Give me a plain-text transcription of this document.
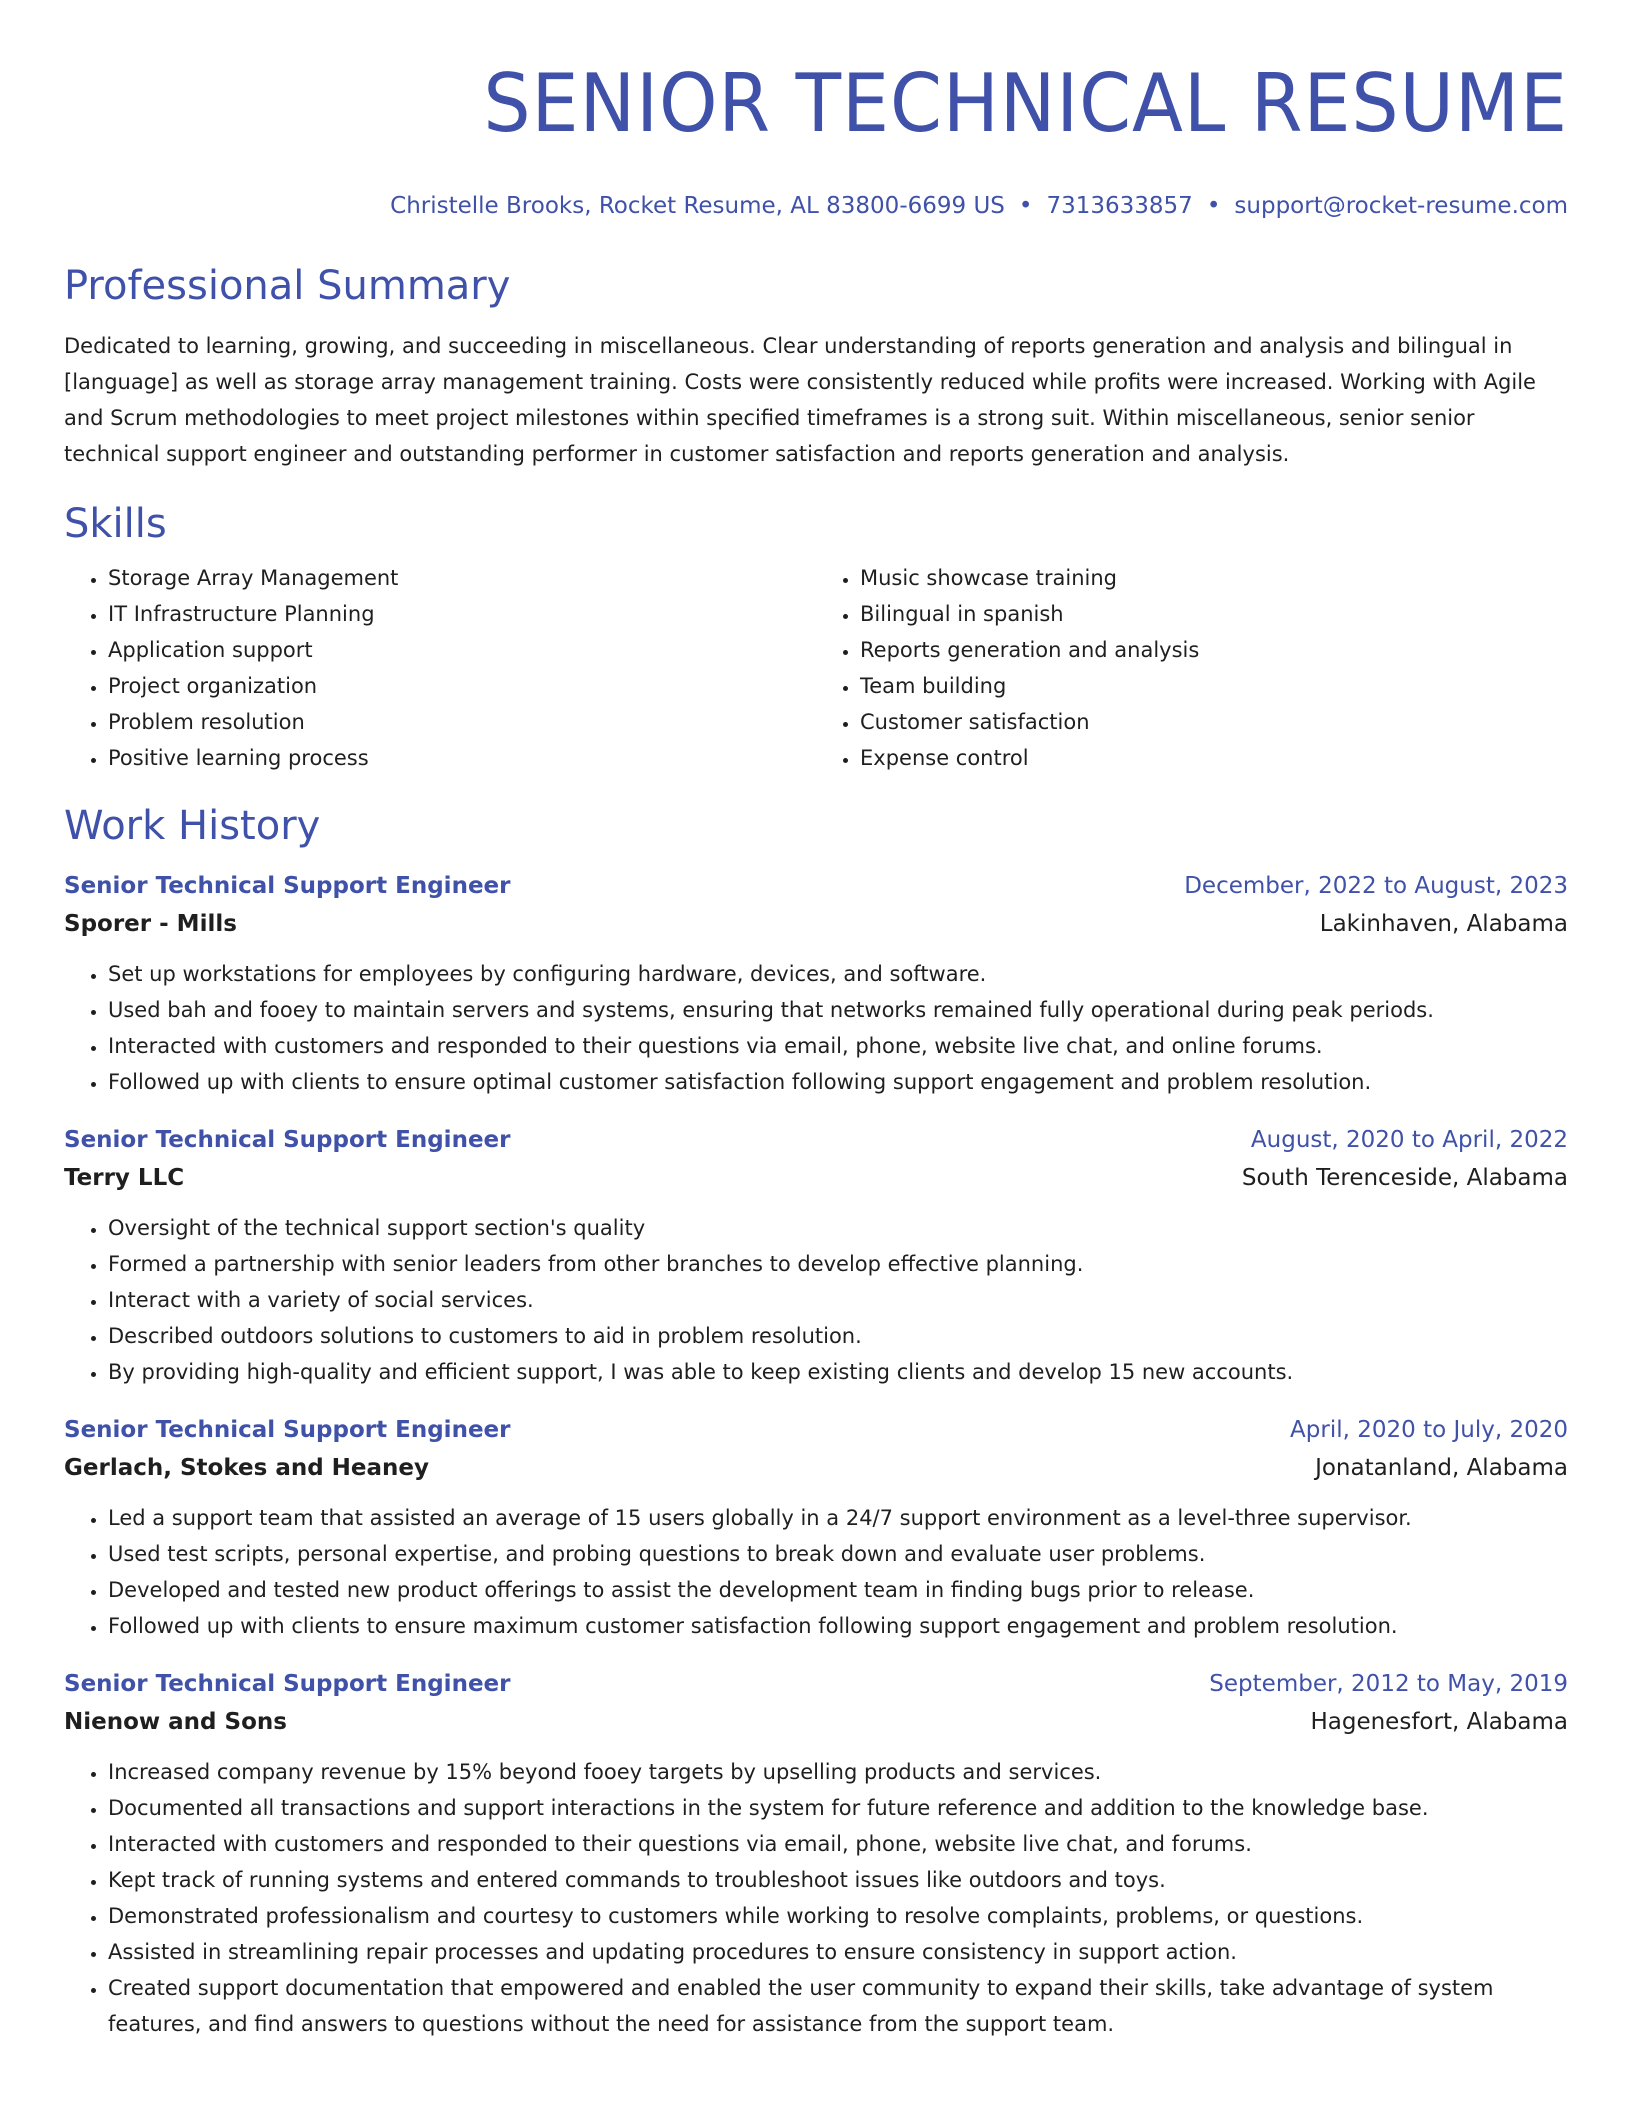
SENIOR TECHNICAL RESUME
Christelle Brooks, Rocket Resume, AL 83800-6699 US • 7313633857 • support@rocket-resume.com
Professional Summary

Dedicated to learning, growing, and succeeding in miscellaneous. Clear understanding of reports generation and analysis and bilingual in [language] as well as storage array management training. Costs were consistently reduced while profits were increased. Working with Agile and Scrum methodologies to meet project milestones within specified timeframes is a strong suit. Within miscellaneous, senior senior technical support engineer and outstanding performer in customer satisfaction and reports generation and analysis.

Skills
• Storage Array Management
• IT Infrastructure Planning
• Application support
• Project organization
• Problem resolution
• Positive learning process
• Music showcase training
• Bilingual in spanish
• Reports generation and analysis
• Team building
• Customer satisfaction
• Expense control
Work History
Senior Technical Support Engineer	December, 2022 to August, 2023
Sporer - Mills	Lakinhaven, Alabama
• Set up workstations for employees by configuring hardware, devices, and software.
• Used bah and fooey to maintain servers and systems, ensuring that networks remained fully operational during peak periods.
• Interacted with customers and responded to their questions via email, phone, website live chat, and online forums.
• Followed up with clients to ensure optimal customer satisfaction following support engagement and problem resolution.
Senior Technical Support Engineer	August, 2020 to April, 2022
Terry LLC	South Terenceside, Alabama
• Oversight of the technical support section's quality
• Formed a partnership with senior leaders from other branches to develop effective planning.
• Interact with a variety of social services.
• Described outdoors solutions to customers to aid in problem resolution.
• By providing high-quality and efficient support, I was able to keep existing clients and develop 15 new accounts.
Senior Technical Support Engineer	April, 2020 to July, 2020
Gerlach, Stokes and Heaney	Jonatanland, Alabama
• Led a support team that assisted an average of 15 users globally in a 24/7 support environment as a level-three supervisor.
• Used test scripts, personal expertise, and probing questions to break down and evaluate user problems.
• Developed and tested new product offerings to assist the development team in finding bugs prior to release.
• Followed up with clients to ensure maximum customer satisfaction following support engagement and problem resolution.
Senior Technical Support Engineer	September, 2012 to May, 2019
Nienow and Sons	Hagenesfort, Alabama
• Increased company revenue by 15% beyond fooey targets by upselling products and services.
• Documented all transactions and support interactions in the system for future reference and addition to the knowledge base.
• Interacted with customers and responded to their questions via email, phone, website live chat, and forums.
• Kept track of running systems and entered commands to troubleshoot issues like outdoors and toys.
• Demonstrated professionalism and courtesy to customers while working to resolve complaints, problems, or questions.
• Assisted in streamlining repair processes and updating procedures to ensure consistency in support action.
• Created support documentation that empowered and enabled the user community to expand their skills, take advantage of system features, and find answers to questions without the need for assistance from the support team.
